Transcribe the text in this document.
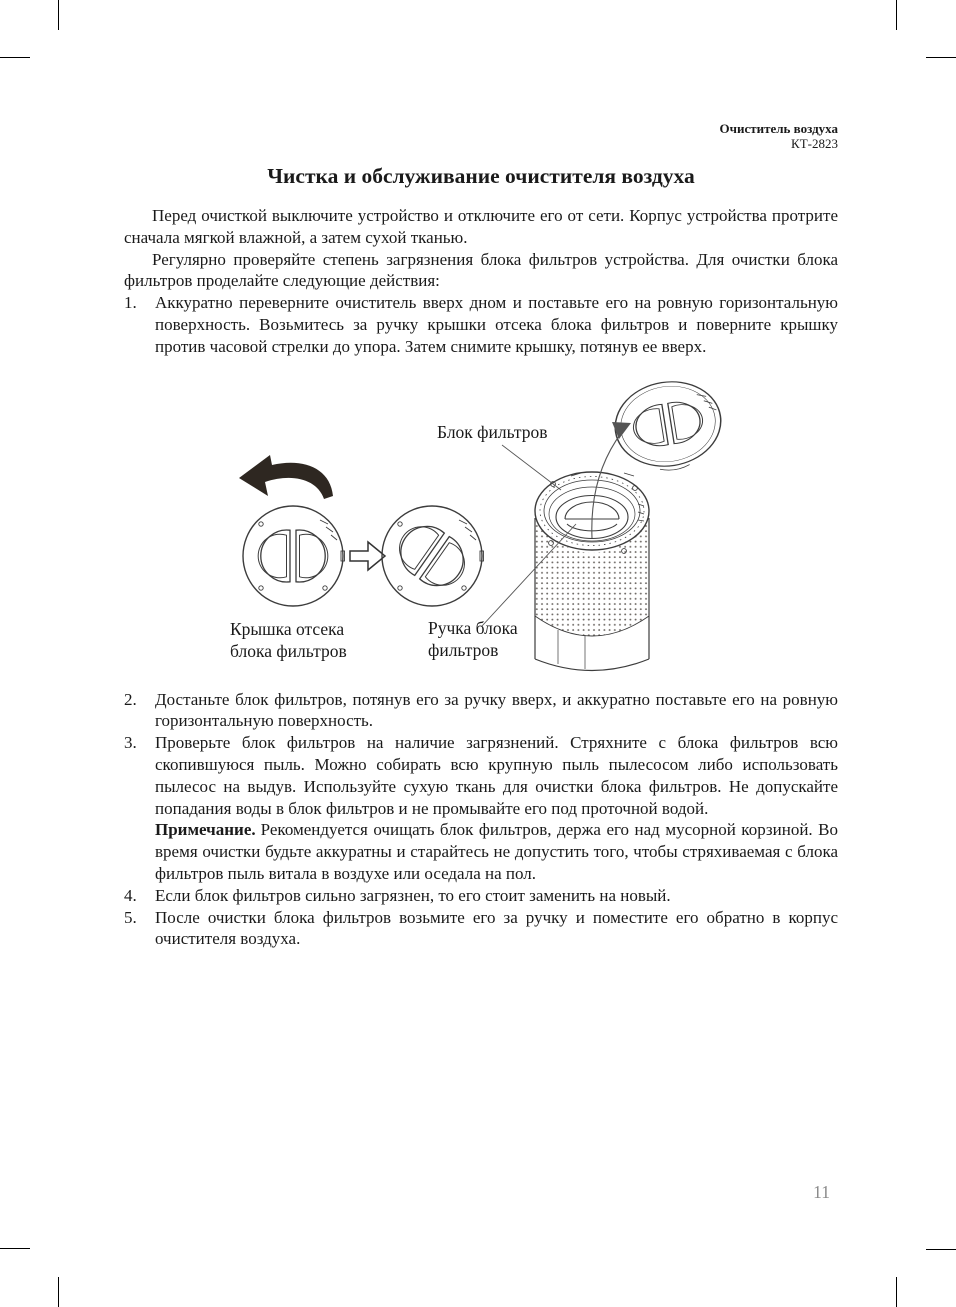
Очиститель воздуха
КТ-2823
Чистка и обслуживание очистителя воздуха

Перед очисткой выключите устройство и отключите его от сети. Корпус устройства протрите сначала мягкой влажной, а затем сухой тканью.

Регулярно проверяйте степень загрязнения блока фильтров устройства. Для очистки блока фильтров проделайте следующие действия:

1.	Аккуратно переверните очиститель вверх дном и поставьте его на ровную горизонтальную поверхность. Возьмитесь за ручку крышки отсека блока фильтров и поверните крышку против часовой стрелки до упора. Затем снимите крышку, потянув ее вверх.
Блок фильтров
Крышка отсека
блока фильтров
Ручка блока
фильтров
2.	Достаньте блок фильтров, потянув его за ручку вверх, и аккуратно поставьте его на ровную горизонтальную поверхность.
3.	Проверьте блок фильтров на наличие загрязнений. Стряхните с блока фильтров всю скопившуюся пыль. Можно собирать всю крупную пыль пылесосом либо использовать пылесос на выдув. Используйте сухую ткань для очистки блока фильтров. Не допускайте попадания воды в блок фильтров и не промывайте его под проточной водой.

Примечание. Рекомендуется очищать блок фильтров, держа его над мусорной корзиной. Во время очистки будьте аккуратны и старайтесь не допустить того, чтобы стряхиваемая с блока фильтров пыль витала в воздухе или оседала на пол.

4.	Если блок фильтров сильно загрязнен, то его стоит заменить на новый.
5.	После очистки блока фильтров возьмите его за ручку и поместите его обратно в корпус очистителя воздуха.
11
